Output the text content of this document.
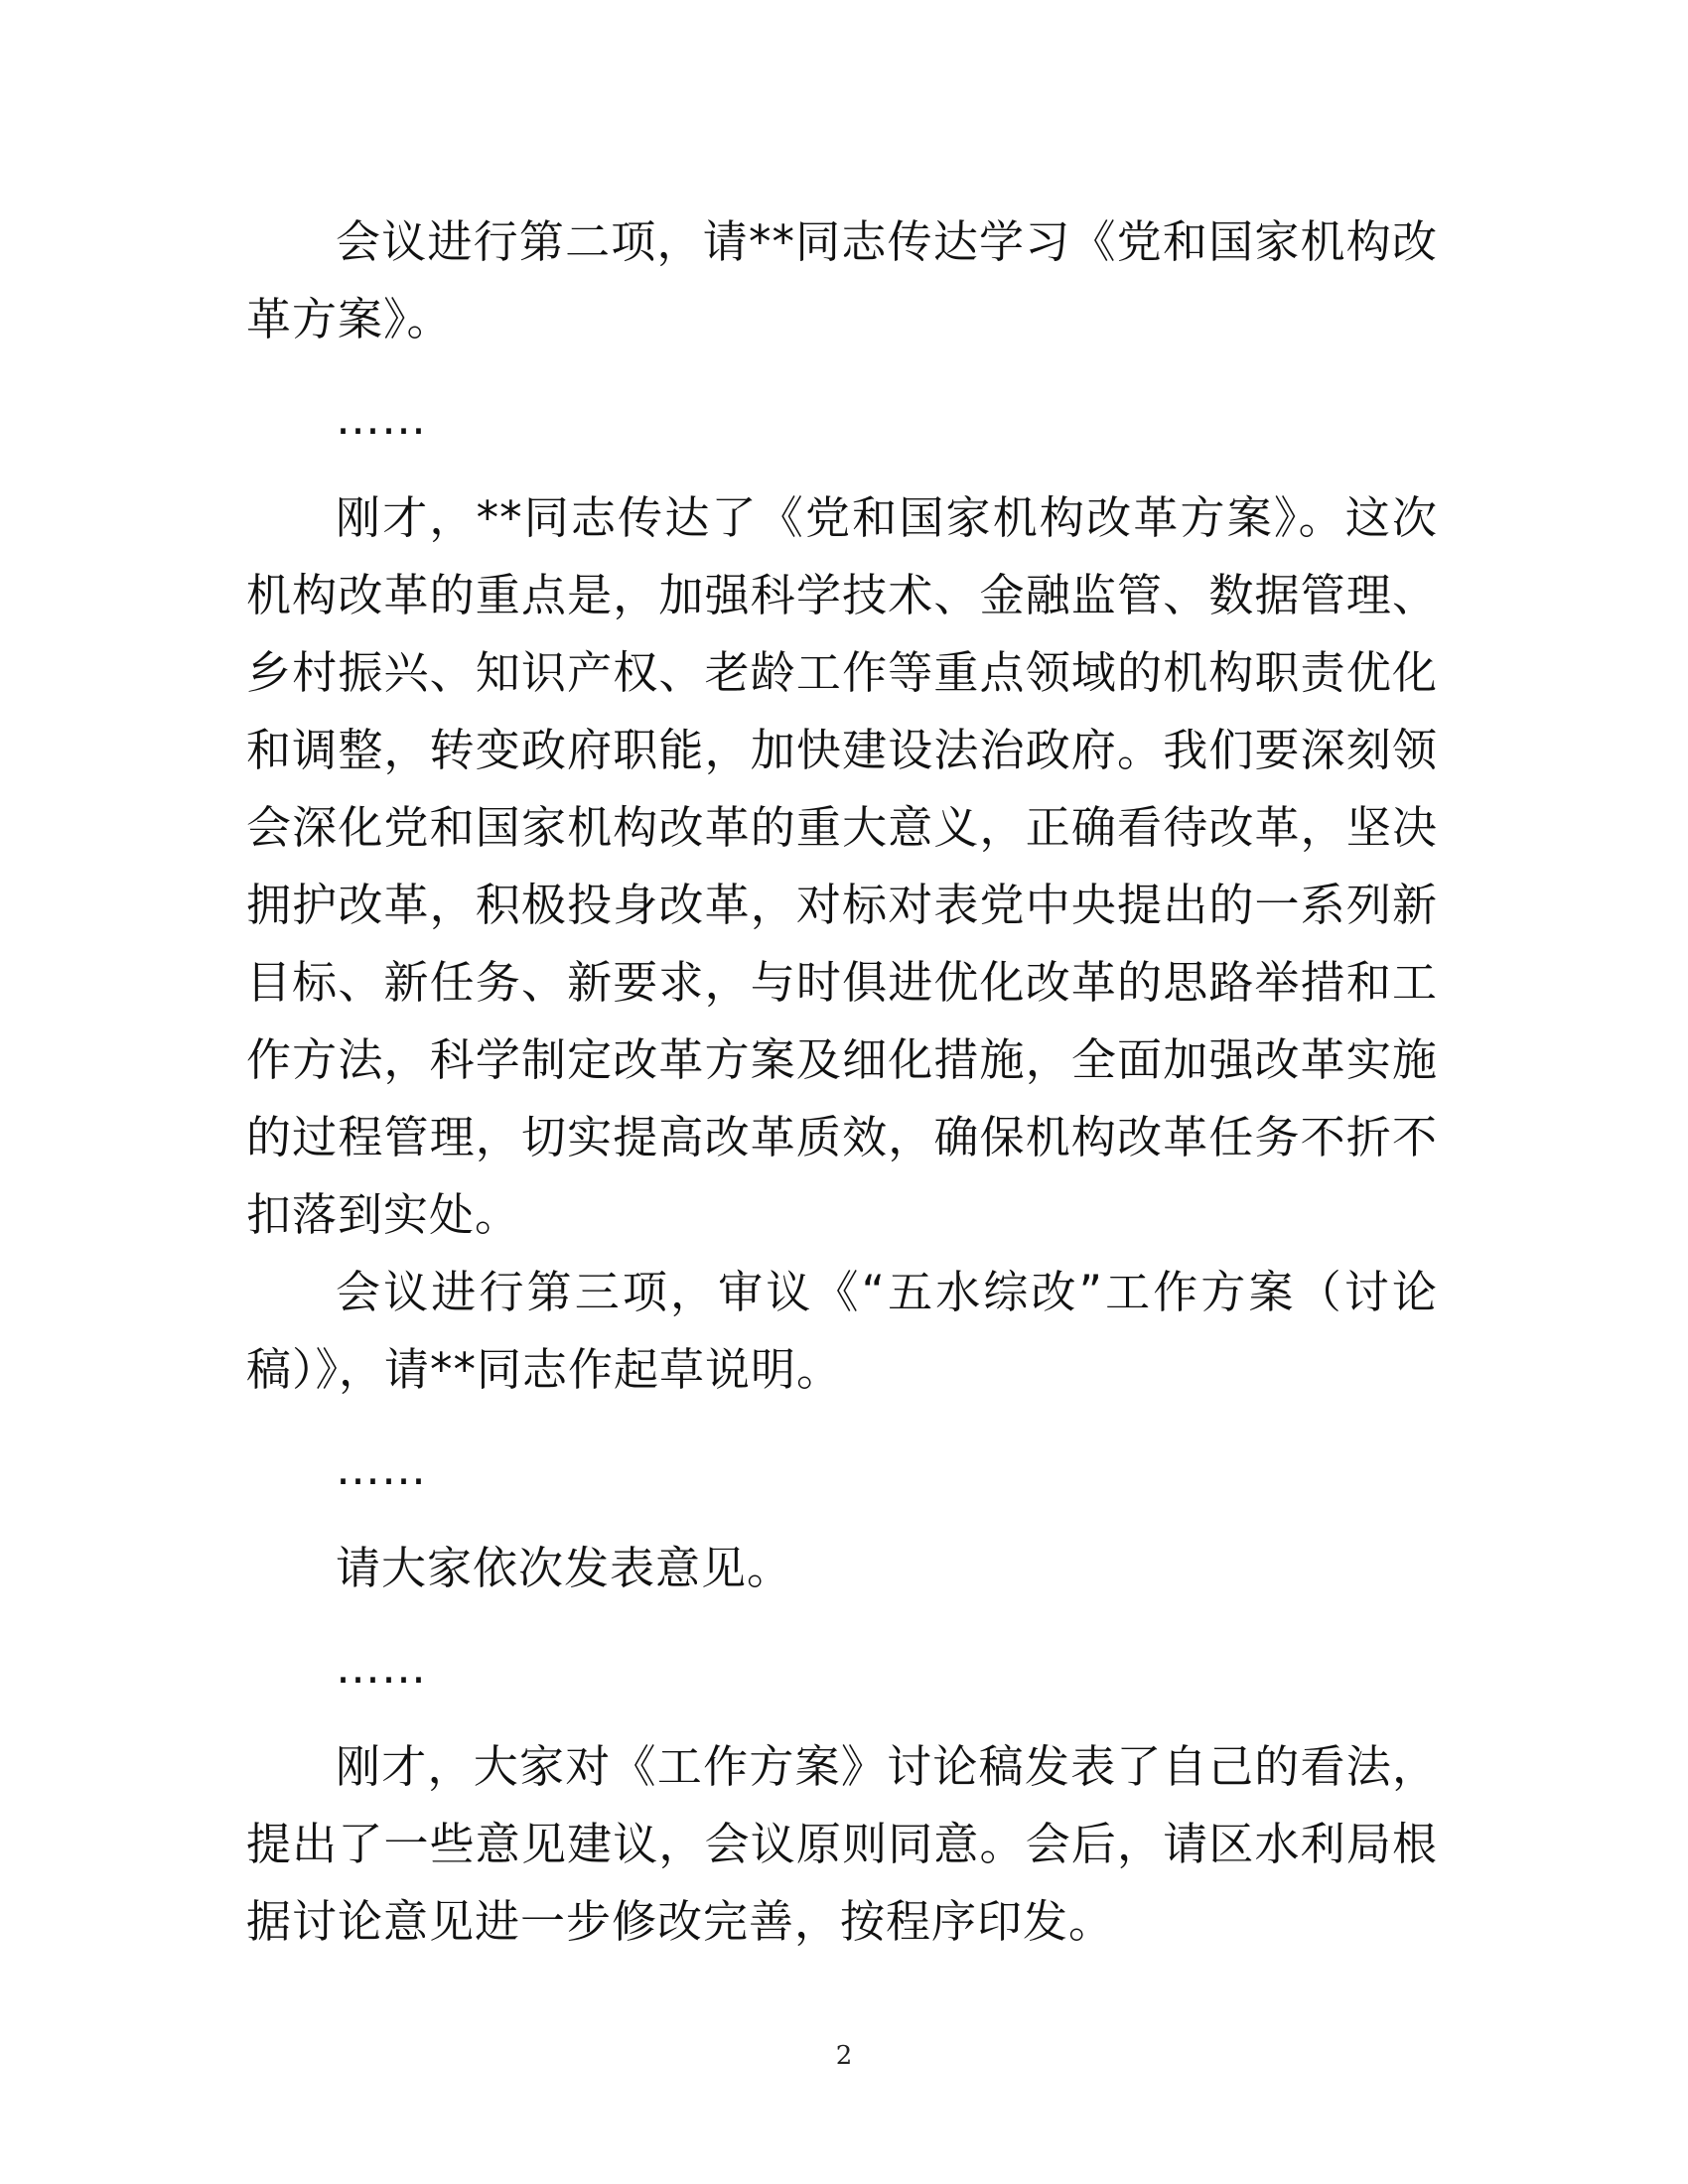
会议进行第二项，请**同志传达学习《党和国家机构改革方案》。

……

刚才，**同志传达了《党和国家机构改革方案》。这次机构改革的重点是，加强科学技术、金融监管、数据管理、乡村振兴、知识产权、老龄工作等重点领域的机构职责优化和调整，转变政府职能，加快建设法治政府。我们要深刻领会深化党和国家机构改革的重大意义，正确看待改革，坚决拥护改革，积极投身改革，对标对表党中央提出的一系列新目标、新任务、新要求，与时俱进优化改革的思路举措和工作方法，科学制定改革方案及细化措施，全面加强改革实施的过程管理，切实提高改革质效，确保机构改革任务不折不扣落到实处。

会议进行第三项，审议《“五水综改”工作方案（讨论稿）》，请**同志作起草说明。

……

请大家依次发表意见。

……

刚才，大家对《工作方案》讨论稿发表了自己的看法，提出了一些意见建议，会议原则同意。会后，请区水利局根据讨论意见进一步修改完善，按程序印发。

2
